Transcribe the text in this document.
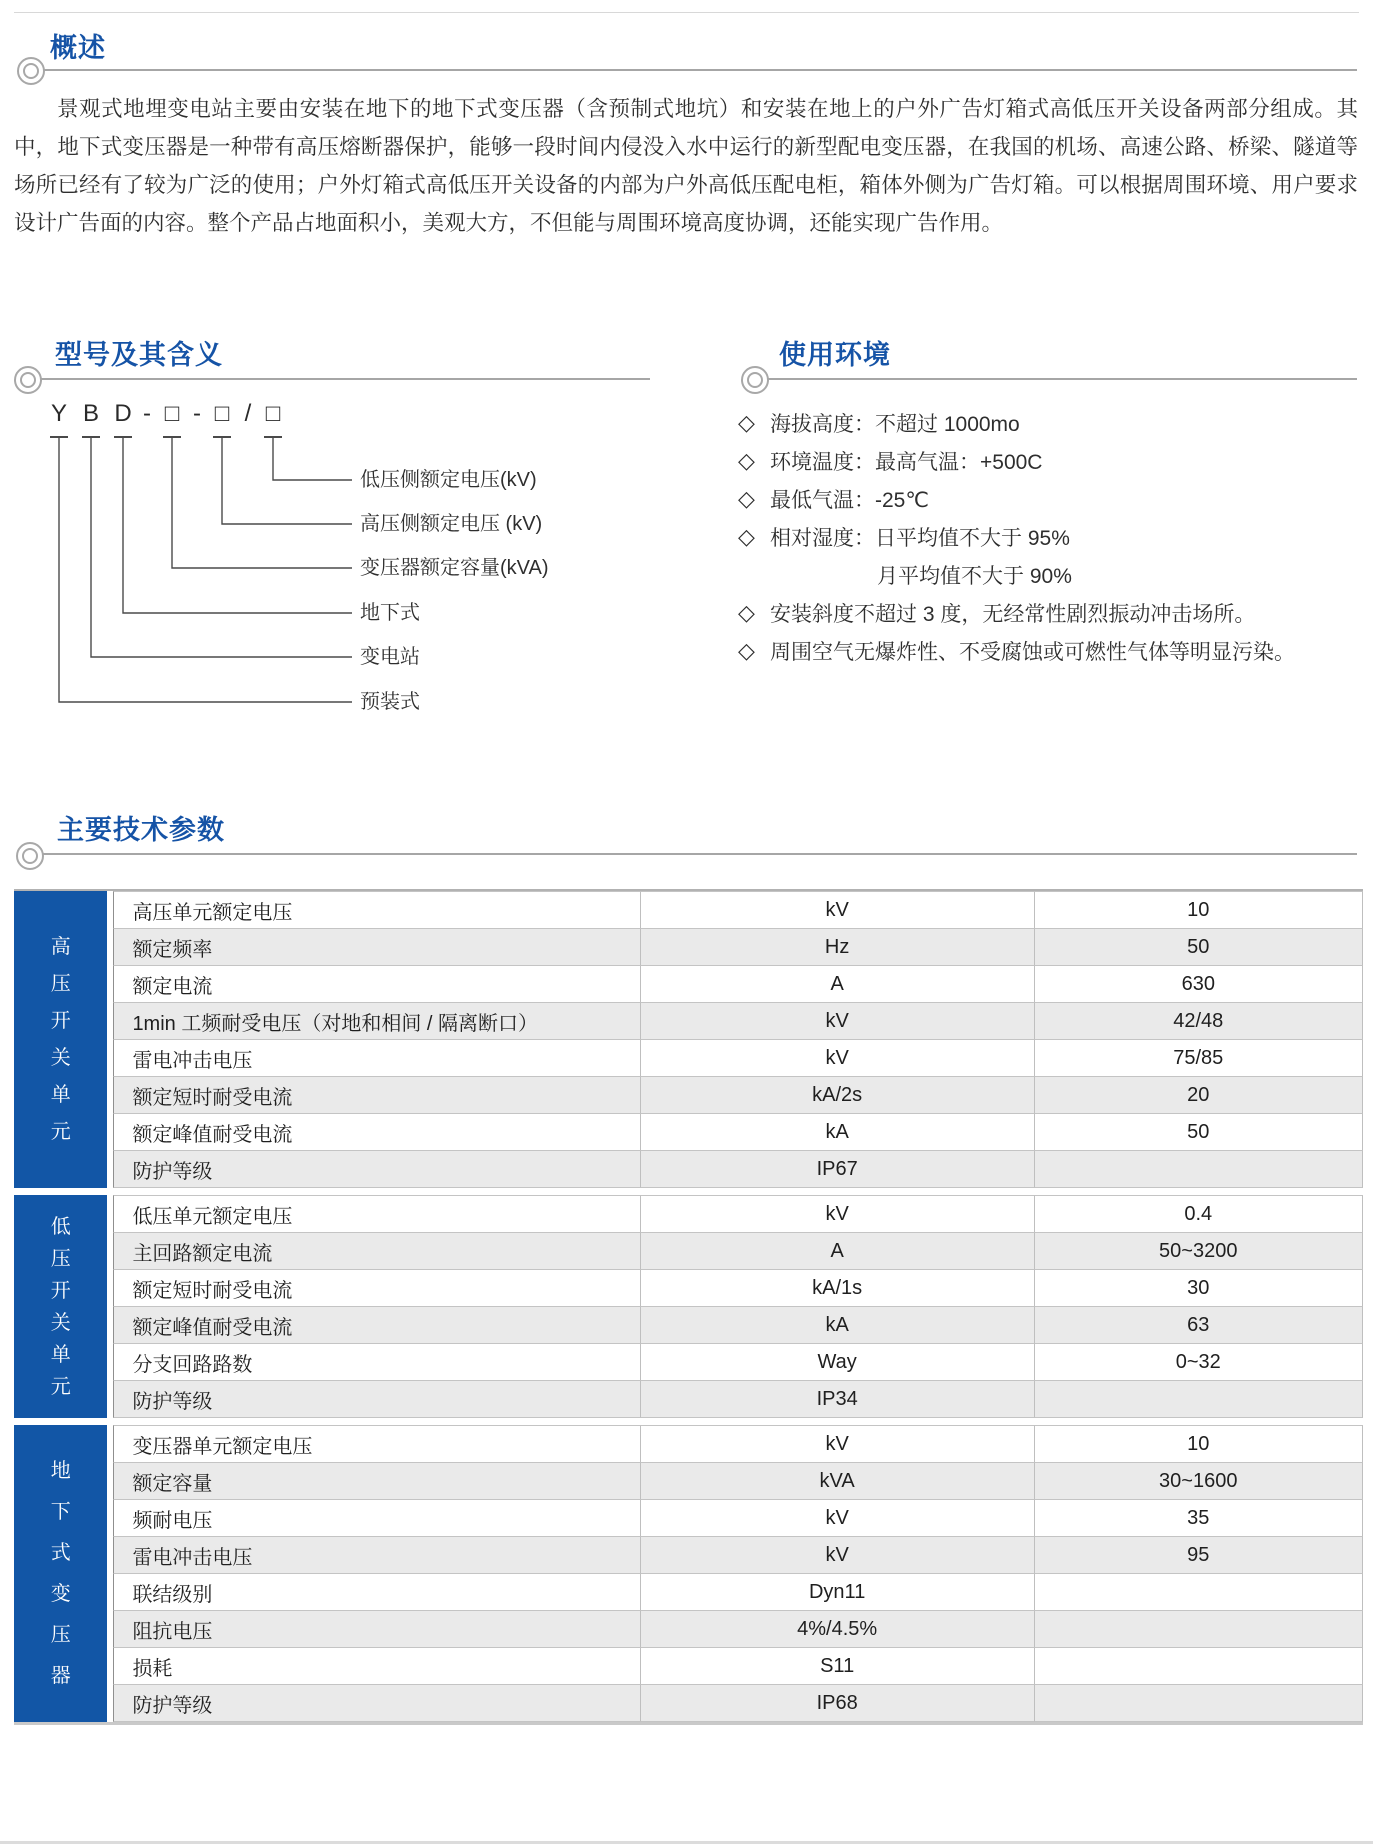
概述
景观式地埋变电站主要由安装在地下的地下式变压器（含预制式地坑）和安装在地上的户外广告灯箱式高低压开关设备两部分组成。其中，地下式变压器是一种带有高压熔断器保护，能够一段时间内侵没入水中运行的新型配电变压器，在我国的机场、高速公路、桥梁、隧道等场所已经有了较为广泛的使用；户外灯箱式高低压开关设备的内部为户外高低压配电柜，箱体外侧为广告灯箱。可以根据周围环境、用户要求设计广告面的内容。整个产品占地面积小，美观大方，不但能与周围环境高度协调，还能实现广告作用。
型号及其含义
Y B D - □ - □ / □
低压侧额定电压(kV)
高压侧额定电压 (kV)
变压器额定容量(kVA)
地下式
变电站
预装式
使用环境
◇ 海拔高度：不超过 1000mo
◇ 环境温度：最高气温：+500C
◇ 最低气温：-25℃
◇ 相对湿度：日平均值不大于 95%
月平均值不大于 90%
◇ 安装斜度不超过 3 度，无经常性剧烈振动冲击场所。
◇ 周围空气无爆炸性、不受腐蚀或可燃性气体等明显污染。
主要技术参数
高压开关单元	高压单元额定电压	kV	10
	额定频率	Hz	50
	额定电流	A	630
	1min 工频耐受电压（对地和相间 / 隔离断口）	kV	42/48
	雷电冲击电压	kV	75/85
	额定短时耐受电流	kA/2s	20
	额定峰值耐受电流	kA	50
	防护等级	IP67	
低压开关单元	低压单元额定电压	kV	0.4
	主回路额定电流	A	50~3200
	额定短时耐受电流	kA/1s	30
	额定峰值耐受电流	kA	63
	分支回路路数	Way	0~32
	防护等级	IP34	
地下式变压器	变压器单元额定电压	kV	10
	额定容量	kVA	30~1600
	频耐电压	kV	35
	雷电冲击电压	kV	95
	联结级别	Dyn11	
	阻抗电压	4%/4.5%	
	损耗	S11	
	防护等级	IP68	
